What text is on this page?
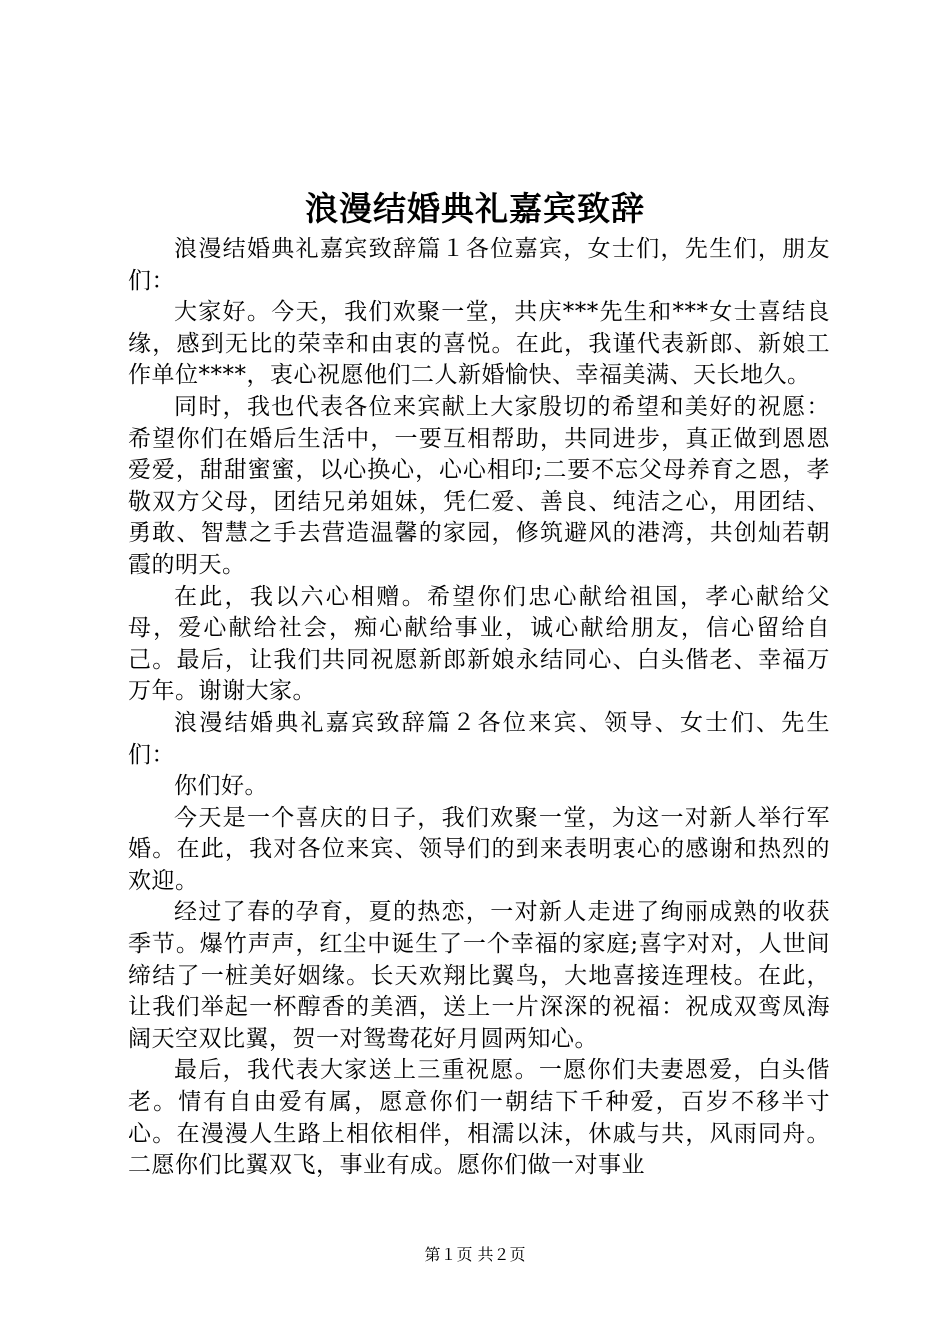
浪漫结婚典礼嘉宾致辞

浪漫结婚典礼嘉宾致辞篇１各位嘉宾，女士们，先生们，朋友们：

大家好。今天，我们欢聚一堂，共庆***先生和***女士喜结良缘，感到无比的荣幸和由衷的喜悦。在此，我谨代表新郎、新娘工作单位****，衷心祝愿他们二人新婚愉快、幸福美满、天长地久。

同时，我也代表各位来宾献上大家殷切的希望和美好的祝愿：希望你们在婚后生活中，一要互相帮助，共同进步，真正做到恩恩爱爱，甜甜蜜蜜，以心换心，心心相印;二要不忘父母养育之恩，孝敬双方父母，团结兄弟姐妹，凭仁爱、善良、纯洁之心，用团结、勇敢、智慧之手去营造温馨的家园，修筑避风的港湾，共创灿若朝霞的明天。

在此，我以六心相赠。希望你们忠心献给祖国，孝心献给父母，爱心献给社会，痴心献给事业，诚心献给朋友，信心留给自己。最后，让我们共同祝愿新郎新娘永结同心、白头偕老、幸福万万年。谢谢大家。

浪漫结婚典礼嘉宾致辞篇２各位来宾、领导、女士们、先生们：

你们好。

今天是一个喜庆的日子，我们欢聚一堂，为这一对新人举行军婚。在此，我对各位来宾、领导们的到来表明衷心的感谢和热烈的欢迎。

经过了春的孕育，夏的热恋，一对新人走进了绚丽成熟的收获季节。爆竹声声，红尘中诞生了一个幸福的家庭;喜字对对，人世间缔结了一桩美好姻缘。长天欢翔比翼鸟，大地喜接连理枝。在此，让我们举起一杯醇香的美酒，送上一片深深的祝福：祝成双鸾凤海阔天空双比翼，贺一对鸳鸯花好月圆两知心。

最后，我代表大家送上三重祝愿。一愿你们夫妻恩爱，白头偕老。情有自由爱有属，愿意你们一朝结下千种爱，百岁不移半寸心。在漫漫人生路上相依相伴，相濡以沫，休戚与共，风雨同舟。二愿你们比翼双飞，事业有成。愿你们做一对事业

第１页 共２页
